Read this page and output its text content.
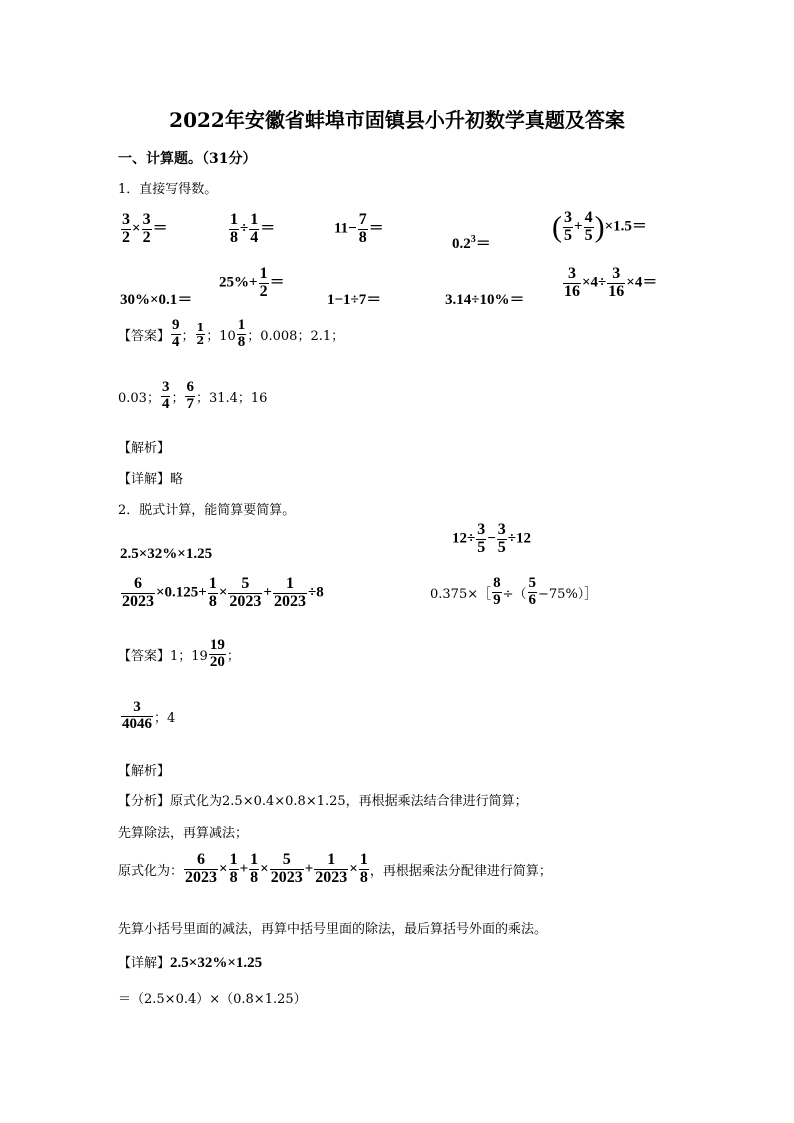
2022年安徽省蚌埠市固镇县小升初数学真题及答案
一、计算题。（31分）
1．直接写得数。
$\frac{3}{2} \times \frac{3}{2}$ ＝	$\frac{1}{8} \div \frac{1}{4}$ ＝	$11- \frac{7}{8}$ ＝
$0.2^3=$
( $\frac{3}{5} + \frac{4}{5} )\times 1.5=$
30%×0.1＝
$25\%+ \frac{1}{2}$ ＝
1−1÷7＝	$3.14\div 10\%= \frac{3}{16} \times 4\div \frac{3}{16} \times 4=$
【答案】 $\frac{9}{4}$ ； $\frac{1}{2}$ ；$10 \frac{1}{8}$ ；0.008；2.1；
0.03； $\frac{3}{4}$ ； $\frac{6}{7}$ ；31.4；16
【解析】
【详解】略
2．脱式计算，能简算要简算。
2.5×32%×1.25
$12\div \frac{3}{5} - \frac{3}{5} \div 12$
$\frac{6}{2023} \times 0.125+ \frac{1}{8} \times \frac{5}{2023} + \frac{1}{2023} \div 8$	0.375×［ $\frac{8}{9}$ ÷（ $\frac{5}{6}$ −75%）］
【答案】1；$19 \frac{19}{20}$ ；
$\frac{3}{4046}$ ；4
【解析】
【分析】原式化为2.5×0.4×0.8×1.25，再根据乘法结合律进行简算；
先算除法，再算减法；
原式化为： $\frac{6}{2023} \times \frac{1}{8} + \frac{1}{8} \times \frac{5}{2023} + \frac{1}{2023} \times \frac{1}{8}$ ，再根据乘法分配律进行简算；
先算小括号里面的减法，再算中括号里面的除法，最后算括号外面的乘法。
【详解】2.5×32%×1.25
＝（2.5×0.4）×（0.8×1.25）
